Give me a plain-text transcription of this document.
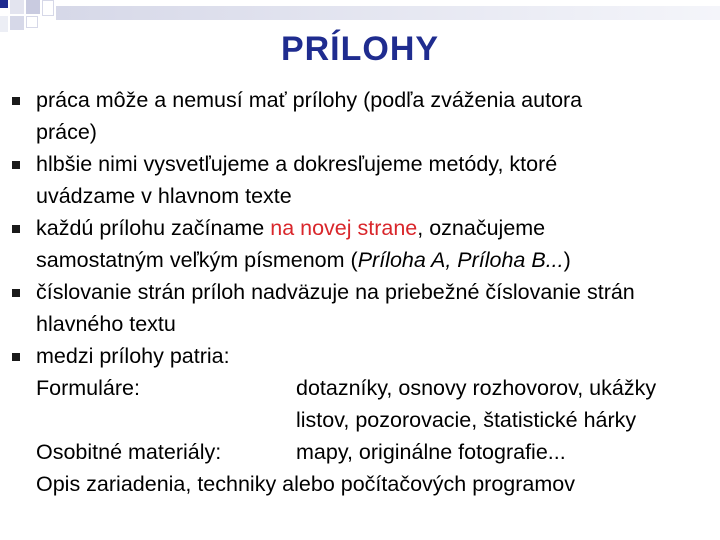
PRÍLOHY
práca môže a nemusí mať prílohy (podľa zváženia autora
práce)
hlbšie nimi vysvetľujeme a dokresľujeme metódy, ktoré
uvádzame v hlavnom texte
každú prílohu začíname na novej strane, označujeme
samostatným veľkým písmenom (Príloha A, Príloha B...)
číslovanie strán príloh nadväzuje na priebežné číslovanie strán
hlavného textu
medzi prílohy patria:
Formuláre:	dotazníky, osnovy rozhovorov, ukážky
listov, pozorovacie, štatistické hárky
Osobitné materiály:	mapy, originálne fotografie...
Opis zariadenia, techniky alebo počítačových programov
